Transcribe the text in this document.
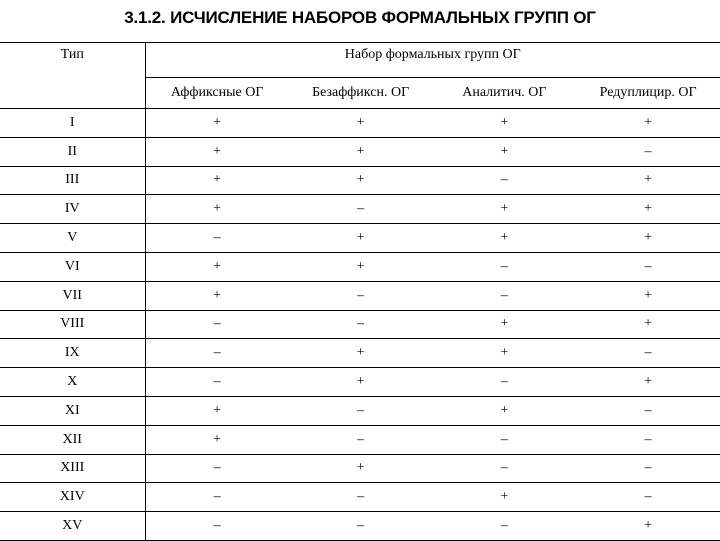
3.1.2. ИСЧИСЛЕНИЕ НАБОРОВ ФОРМАЛЬНЫХ ГРУПП ОГ
Тип	Набор формальных групп ОГ			
	Аффиксные ОГ	Безаффиксн. ОГ	Аналитич. ОГ	Редуплицир. ОГ
I	+	+	+	+
II	+	+	+	–
III	+	+	–	+
IV	+	–	+	+
V	–	+	+	+
VI	+	+	–	–
VII	+	–	–	+
VIII	–	–	+	+
IX	–	+	+	–
X	–	+	–	+
XI	+	–	+	–
XII	+	–	–	–
XIII	–	+	–	–
XIV	–	–	+	–
XV	–	–	–	+
